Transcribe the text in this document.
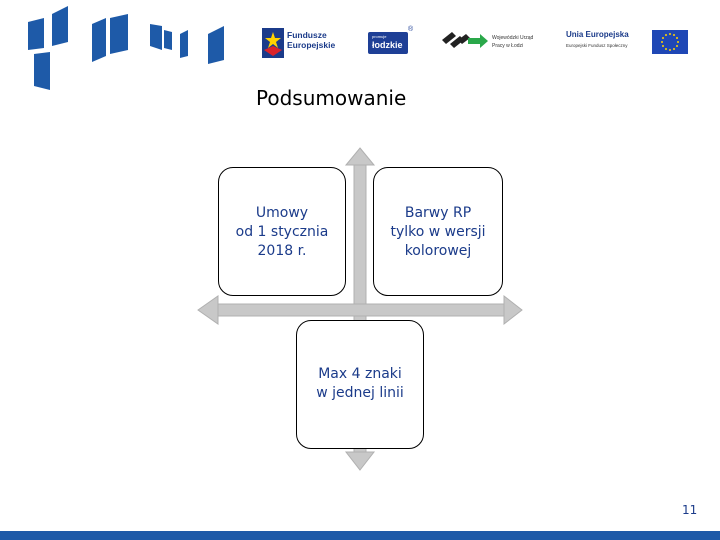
Fundusze
Europejskie
promuje
łodzkie
®
Wojewódzki Urząd
Pracy w Łodzi
Unia Europejska
Europejski Fundusz Społeczny
Podsumowanie
Umowy
od 1 stycznia
2018 r.
Barwy RP
tylko w wersji
kolorowej
Max 4 znaki
w jednej linii
11
